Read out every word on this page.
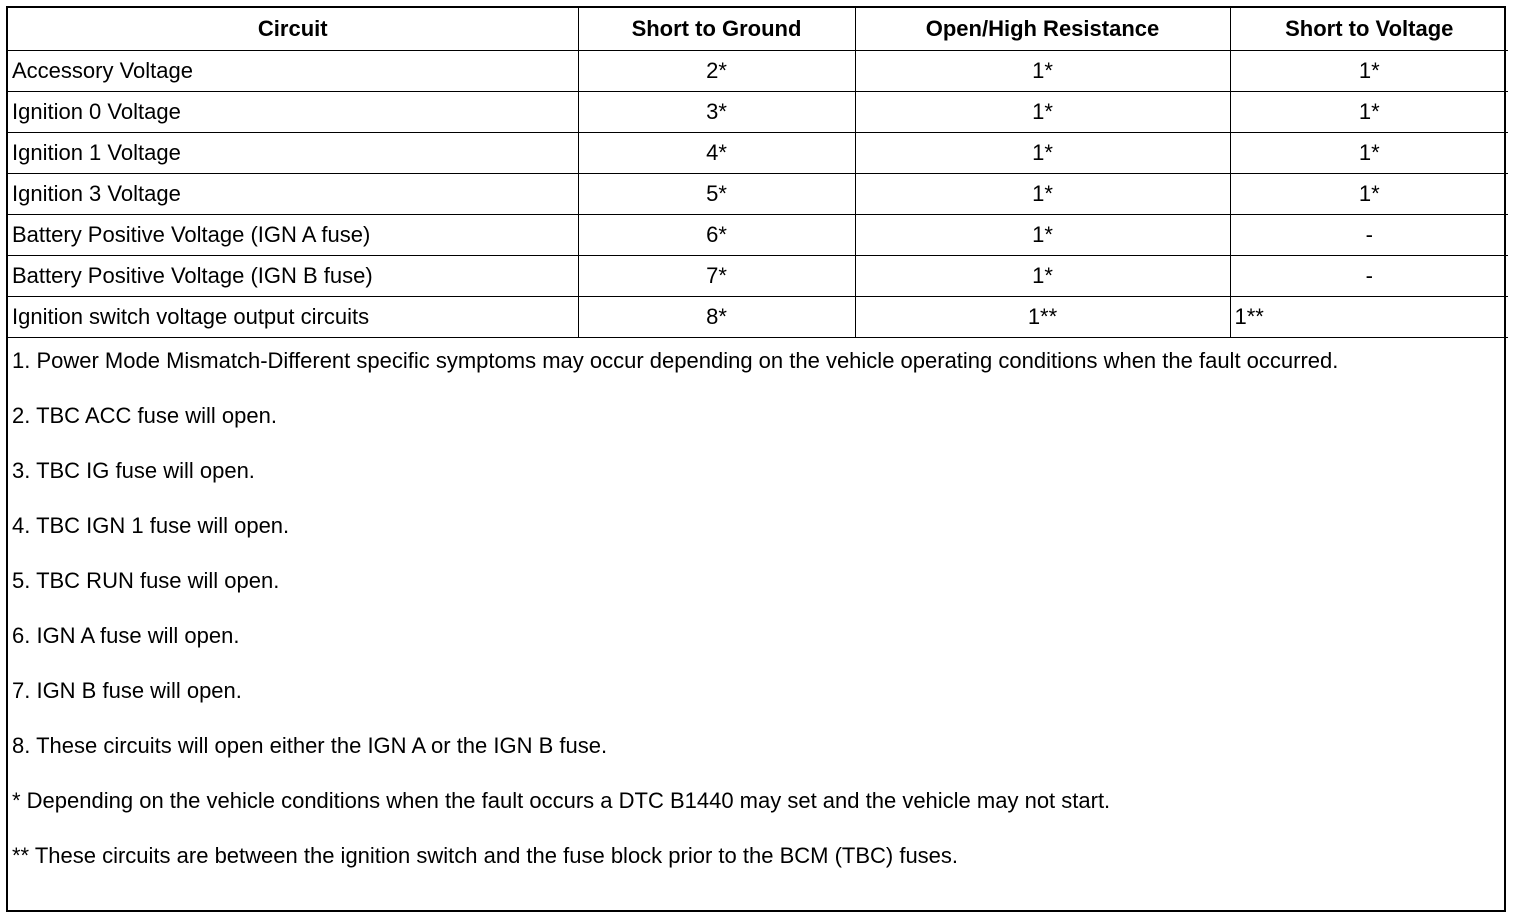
Circuit	Short to Ground	Open/High Resistance	Short to Voltage
Accessory Voltage	2*	1*	1*
Ignition 0 Voltage	3*	1*	1*
Ignition 1 Voltage	4*	1*	1*
Ignition 3 Voltage	5*	1*	1*
Battery Positive Voltage (IGN A fuse)	6*	1*	-
Battery Positive Voltage (IGN B fuse)	7*	1*	-
Ignition switch voltage output circuits	8*	1**	1**
1. Power Mode Mismatch-Different specific symptoms may occur depending on the vehicle operating conditions when the fault occurred.
2. TBC ACC fuse will open.
3. TBC IG fuse will open.
4. TBC IGN 1 fuse will open.
5. TBC RUN fuse will open.
6. IGN A fuse will open.
7. IGN B fuse will open.
8. These circuits will open either the IGN A or the IGN B fuse.
* Depending on the vehicle conditions when the fault occurs a DTC B1440 may set and the vehicle may not start.
** These circuits are between the ignition switch and the fuse block prior to the BCM (TBC) fuses.
